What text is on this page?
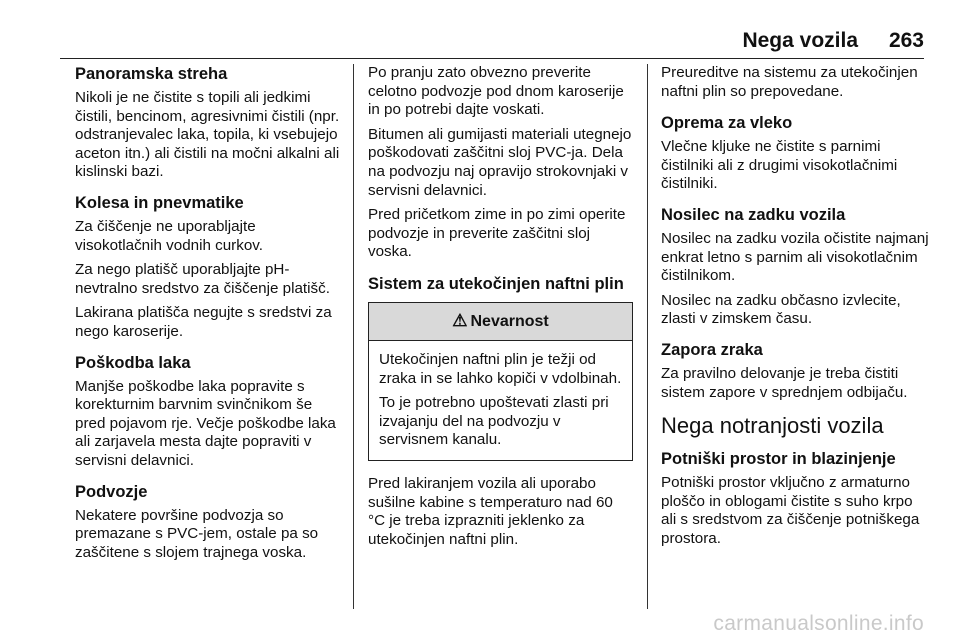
Nega vozila 263
Panoramska streha

Nikoli je ne čistite s topili ali jedkimi čistili, bencinom, agresivnimi čistili (npr. odstranjevalec laka, topila, ki vsebujejo aceton itn.) ali čistili na močni alkalni ali kislinski bazi.

Kolesa in pnevmatike

Za čiščenje ne uporabljajte visokotlačnih vodnih curkov.

Za nego platišč uporabljajte pH-nevtralno sredstvo za čiščenje platišč.

Lakirana platišča negujte s sredstvi za nego karoserije.

Poškodba laka

Manjše poškodbe laka popravite s korekturnim barvnim svinčnikom še pred pojavom rje. Večje poškodbe laka ali zarjavela mesta dajte popraviti v servisni delavnici.

Podvozje

Nekatere površine podvozja so premazane s PVC-jem, ostale pa so zaščitene s slojem trajnega voska.

Po pranju zato obvezno preverite celotno podvozje pod dnom karoserije in po potrebi dajte voskati.

Bitumen ali gumijasti materiali utegnejo poškodovati zaščitni sloj PVC-ja. Dela na podvozju naj opravijo strokovnjaki v servisni delavnici.

Pred pričetkom zime in po zimi operite podvozje in preverite zaščitni sloj voska.

Sistem za utekočinjen naftni plin
⚠ Nevarnost

Utekočinjen naftni plin je težji od zraka in se lahko kopiči v vdolbinah.

To je potrebno upoštevati zlasti pri izvajanju del na podvozju v servisnem kanalu.

Pred lakiranjem vozila ali uporabo sušilne kabine s temperaturo nad 60 °C je treba izprazniti jeklenko za utekočinjen naftni plin.

Preureditve na sistemu za utekočinjen naftni plin so prepovedane.

Oprema za vleko

Vlečne kljuke ne čistite s parnimi čistilniki ali z drugimi visokotlačnimi čistilniki.

Nosilec na zadku vozila

Nosilec na zadku vozila očistite najmanj enkrat letno s parnim ali visokotlačnim čistilnikom.

Nosilec na zadku občasno izvlecite, zlasti v zimskem času.

Zapora zraka

Za pravilno delovanje je treba čistiti sistem zapore v sprednjem odbijaču.

Nega notranjosti vozila
Potniški prostor in blazinjenje

Potniški prostor vključno z armaturno ploščo in oblogami čistite s suho krpo ali s sredstvom za čiščenje potniškega prostora.

carmanualsonline.info
